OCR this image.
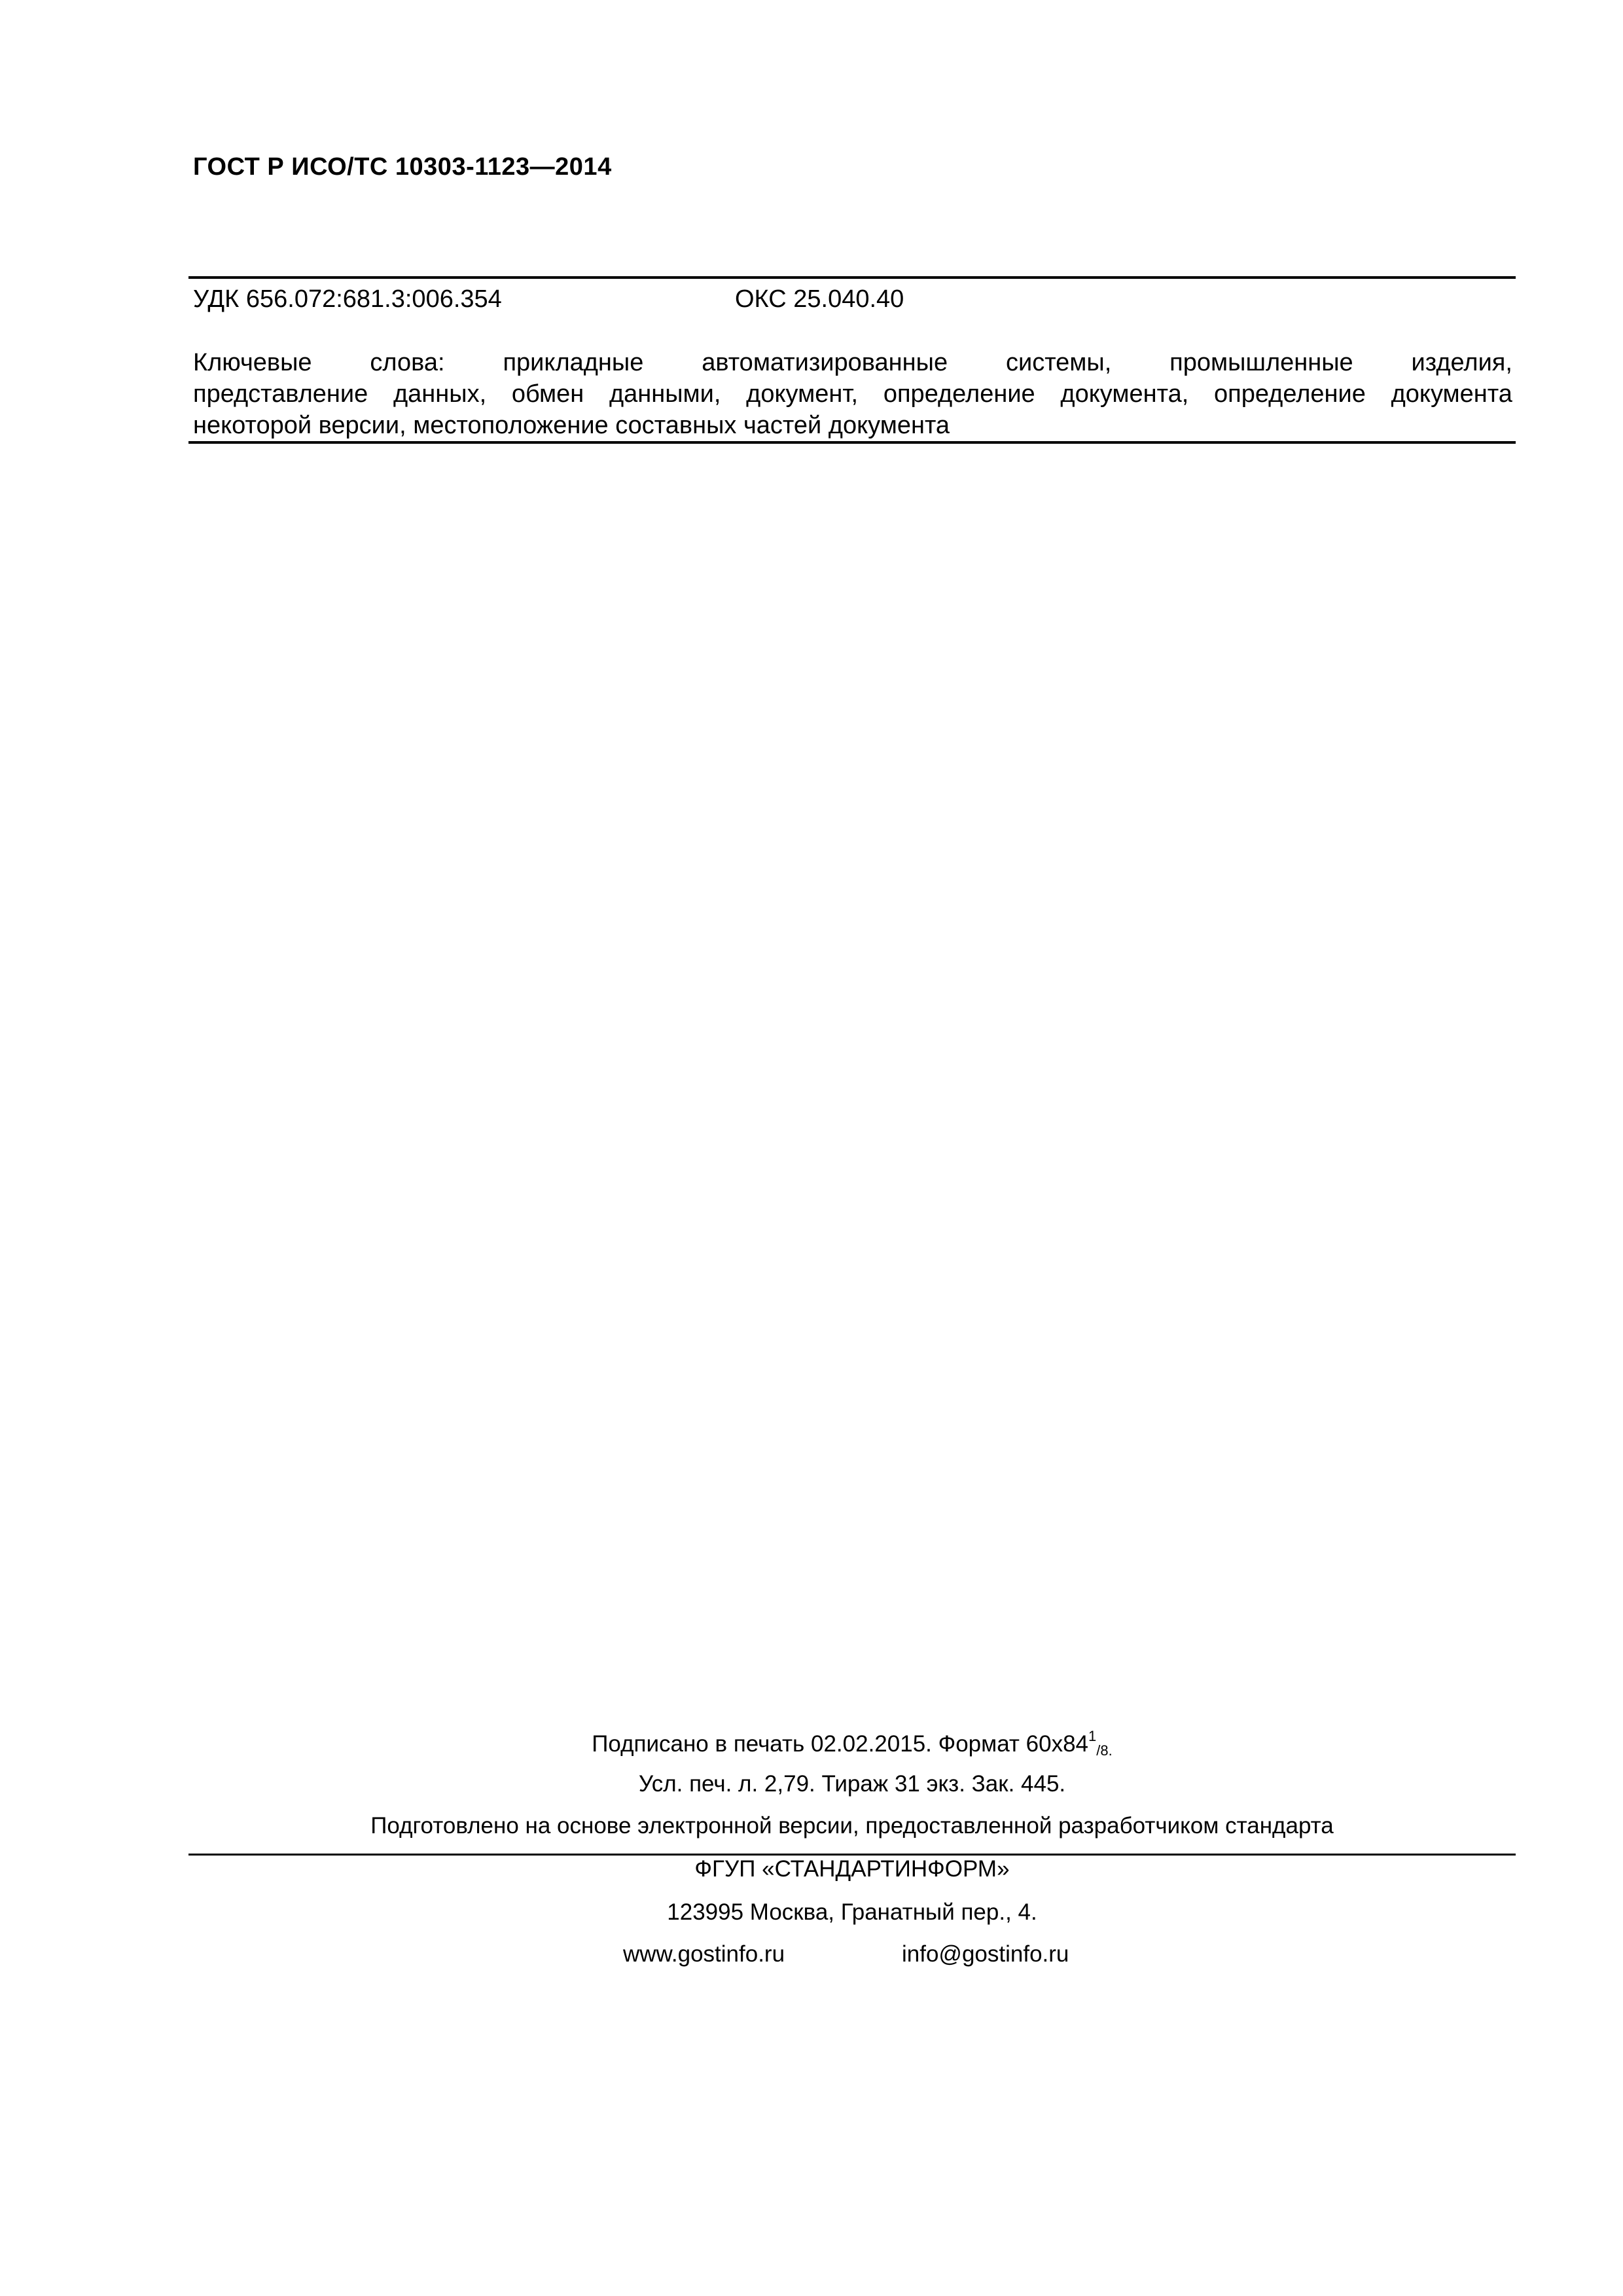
ГОСТ Р ИСО/ТС 10303-1123—2014
УДК 656.072:681.3:006.354	ОКС 25.040.40
Ключевые слова: прикладные автоматизированные системы, промышленные изделия,
представление данных, обмен данными, документ, определение документа, определение документа
некоторой версии, местоположение составных частей документа
Подписано в печать 02.02.2015. Формат $60х84^1_{/8.}$
Усл. печ. л. 2,79. Тираж 31 экз. Зак. 445.
Подготовлено на основе электронной версии, предоставленной разработчиком стандарта
ФГУП «СТАНДАРТИНФОРМ»
123995 Москва, Гранатный пер., 4.
www.gostinfo.ru	info@gostinfo.ru
